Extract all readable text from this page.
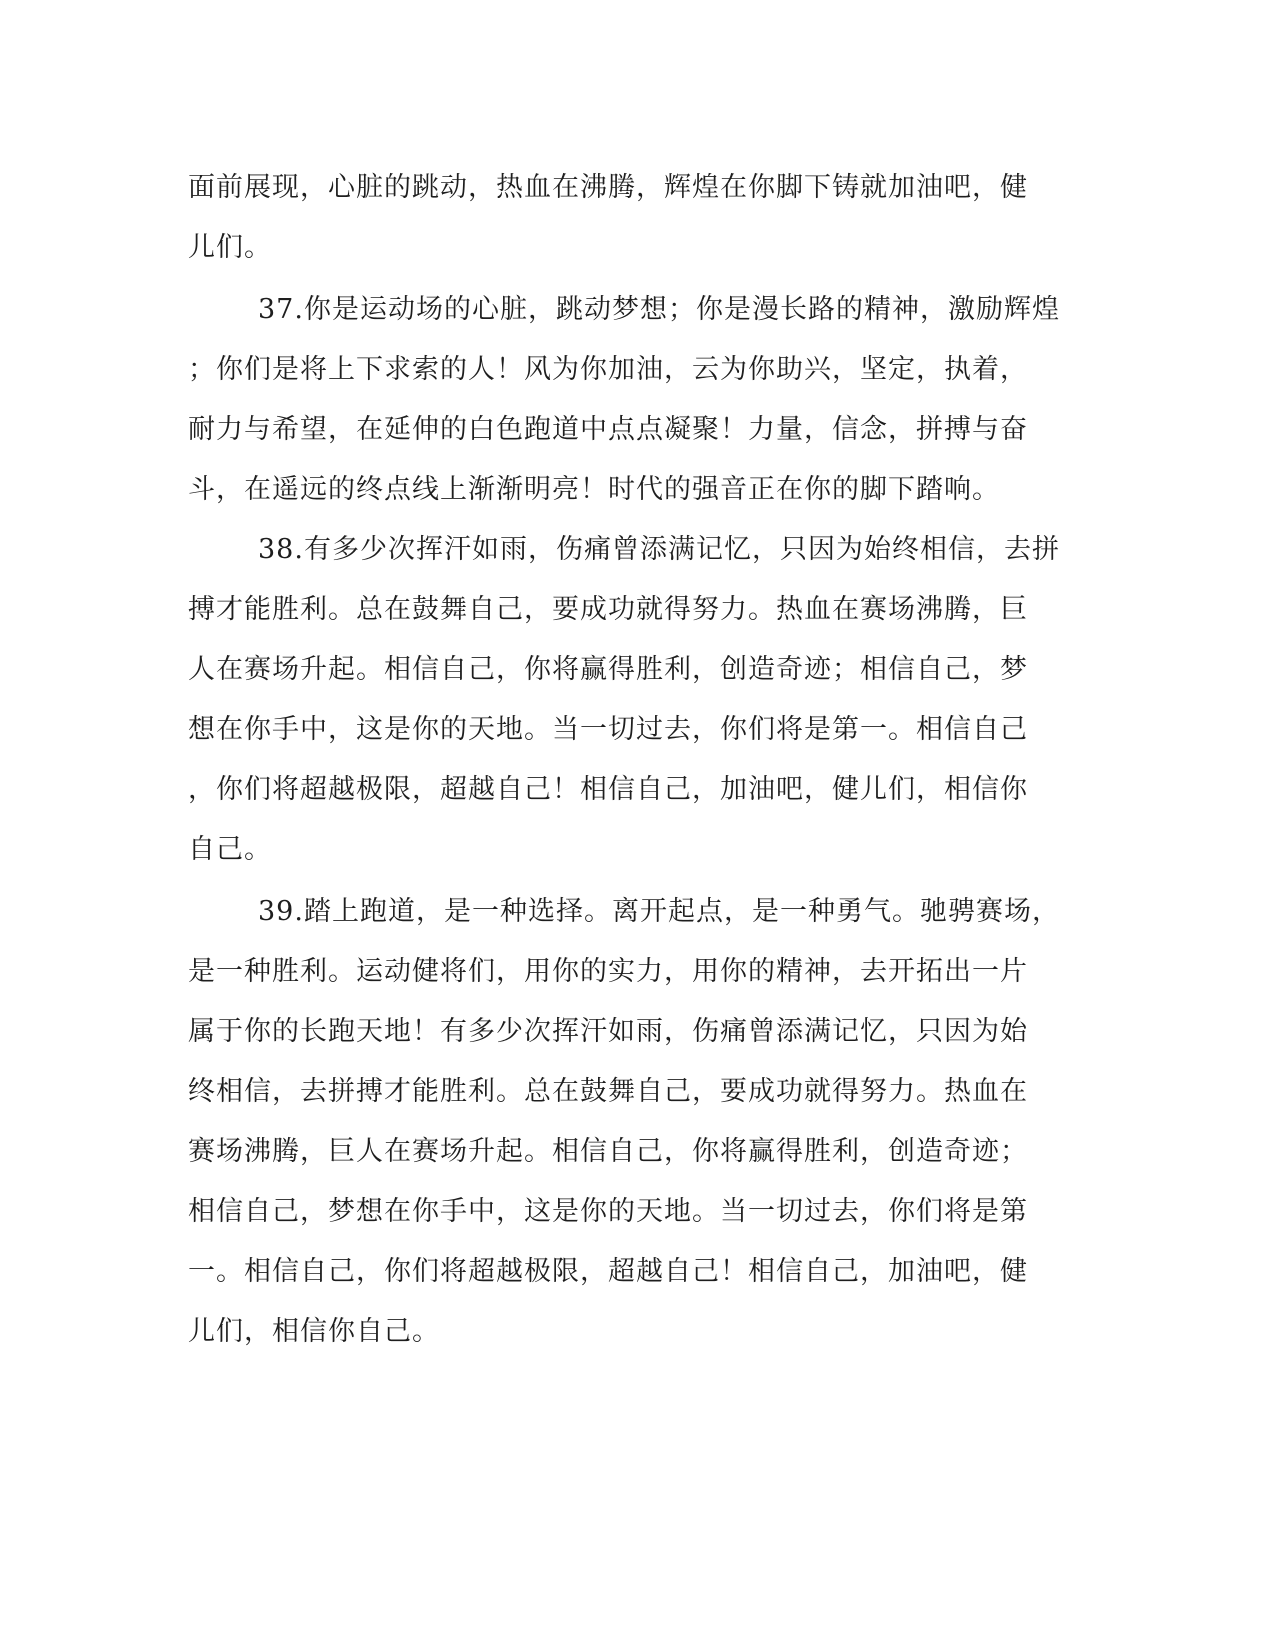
面前展现，心脏的跳动，热血在沸腾，辉煌在你脚下铸就加油吧，健

儿们。

37.你是运动场的心脏，跳动梦想；你是漫长路的精神，激励辉煌

；你们是将上下求索的人！风为你加油，云为你助兴，坚定，执着，

耐力与希望，在延伸的白色跑道中点点凝聚！力量，信念，拼搏与奋

斗，在遥远的终点线上渐渐明亮！时代的强音正在你的脚下踏响。

38.有多少次挥汗如雨，伤痛曾添满记忆，只因为始终相信，去拼

搏才能胜利。总在鼓舞自己，要成功就得努力。热血在赛场沸腾，巨

人在赛场升起。相信自己，你将赢得胜利，创造奇迹；相信自己，梦

想在你手中，这是你的天地。当一切过去，你们将是第一。相信自己

，你们将超越极限，超越自己！相信自己，加油吧，健儿们，相信你

自己。

39.踏上跑道，是一种选择。离开起点，是一种勇气。驰骋赛场，

是一种胜利。运动健将们，用你的实力，用你的精神，去开拓出一片

属于你的长跑天地！有多少次挥汗如雨，伤痛曾添满记忆，只因为始

终相信，去拼搏才能胜利。总在鼓舞自己，要成功就得努力。热血在

赛场沸腾，巨人在赛场升起。相信自己，你将赢得胜利，创造奇迹；

相信自己，梦想在你手中，这是你的天地。当一切过去，你们将是第

一。相信自己，你们将超越极限，超越自己！相信自己，加油吧，健

儿们，相信你自己。
